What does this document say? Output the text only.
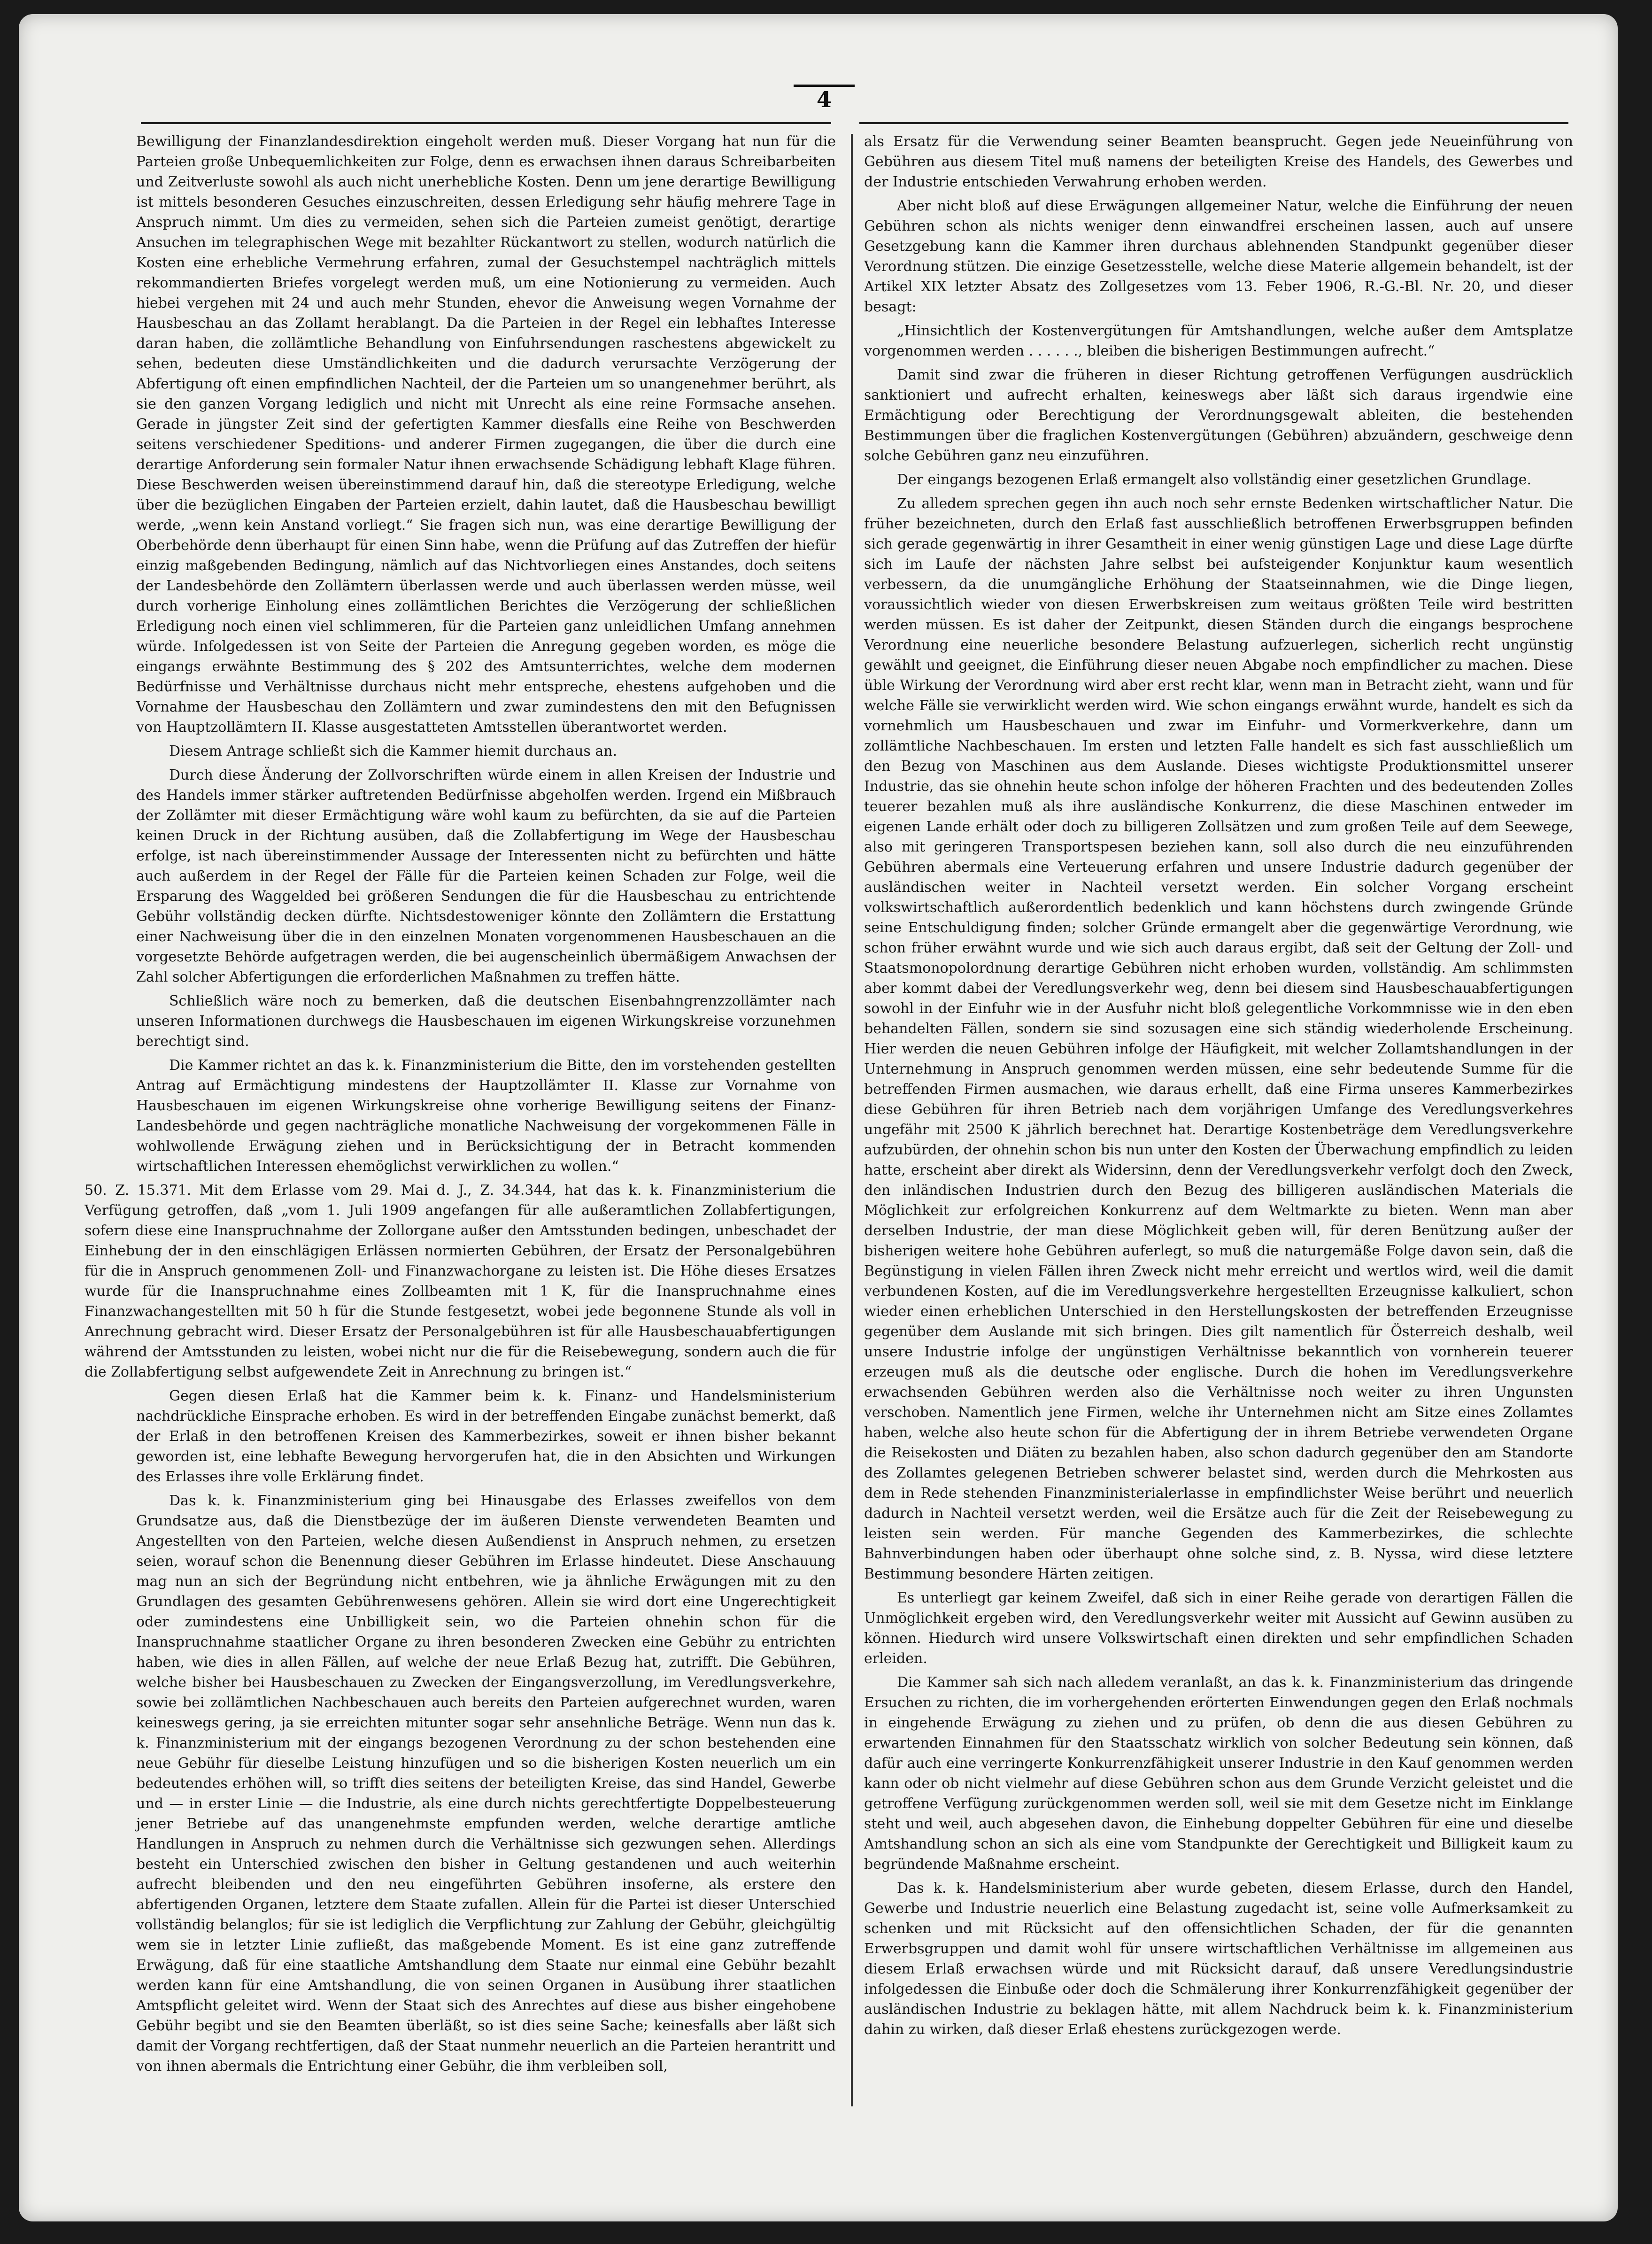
4

Bewilligung der Finanzlandesdirektion eingeholt werden muß. Dieser Vorgang hat nun für die Parteien große Unbequemlichkeiten zur Folge, denn es erwachsen ihnen daraus Schreibarbeiten und Zeitverluste sowohl als auch nicht unerhebliche Kosten. Denn um jene derartige Bewilligung ist mittels besonderen Gesuches einzuschreiten, dessen Erledigung sehr häufig mehrere Tage in Anspruch nimmt. Um dies zu vermeiden, sehen sich die Parteien zumeist genötigt, derartige Ansuchen im telegraphischen Wege mit bezahlter Rückantwort zu stellen, wodurch natürlich die Kosten eine erhebliche Vermehrung erfahren, zumal der Gesuchstempel nachträglich mittels rekommandierten Briefes vorgelegt werden muß, um eine Notionierung zu vermeiden. Auch hiebei vergehen mit 24 und auch mehr Stunden, ehevor die Anweisung wegen Vornahme der Hausbeschau an das Zollamt herablangt. Da die Parteien in der Regel ein lebhaftes Interesse daran haben, die zollämtliche Behandlung von Einfuhrsendungen raschestens abgewickelt zu sehen, bedeuten diese Umständlichkeiten und die dadurch verursachte Verzögerung der Abfertigung oft einen empfindlichen Nachteil, der die Parteien um so unangenehmer berührt, als sie den ganzen Vorgang lediglich und nicht mit Unrecht als eine reine Formsache ansehen. Gerade in jüngster Zeit sind der gefertigten Kammer diesfalls eine Reihe von Beschwerden seitens verschiedener Speditions- und anderer Firmen zugegangen, die über die durch eine derartige Anforderung sein formaler Natur ihnen erwachsende Schädigung lebhaft Klage führen. Diese Beschwerden weisen übereinstimmend darauf hin, daß die stereotype Erledigung, welche über die bezüglichen Eingaben der Parteien erzielt, dahin lautet, daß die Hausbeschau bewilligt werde, „wenn kein Anstand vorliegt.“ Sie fragen sich nun, was eine derartige Bewilligung der Oberbehörde denn überhaupt für einen Sinn habe, wenn die Prüfung auf das Zutreffen der hiefür einzig maßgebenden Bedingung, nämlich auf das Nichtvorliegen eines Anstandes, doch seitens der Landesbehörde den Zollämtern überlassen werde und auch überlassen werden müsse, weil durch vorherige Einholung eines zollämtlichen Berichtes die Verzögerung der schließlichen Erledigung noch einen viel schlimmeren, für die Parteien ganz unleidlichen Umfang annehmen würde. Infolgedessen ist von Seite der Parteien die Anregung gegeben worden, es möge die eingangs erwähnte Bestimmung des § 202 des Amtsunterrichtes, welche dem modernen Bedürfnisse und Verhältnisse durchaus nicht mehr entspreche, ehestens aufgehoben und die Vornahme der Hausbeschau den Zollämtern und zwar zumindestens den mit den Befugnissen von Hauptzollämtern II. Klasse ausgestatteten Amtsstellen überantwortet werden.

Diesem Antrage schließt sich die Kammer hiemit durchaus an.

Durch diese Änderung der Zollvorschriften würde einem in allen Kreisen der Industrie und des Handels immer stärker auftretenden Bedürfnisse abgeholfen werden. Irgend ein Mißbrauch der Zollämter mit dieser Ermächtigung wäre wohl kaum zu befürchten, da sie auf die Parteien keinen Druck in der Richtung ausüben, daß die Zollabfertigung im Wege der Hausbeschau erfolge, ist nach übereinstimmender Aussage der Interessenten nicht zu befürchten und hätte auch außerdem in der Regel der Fälle für die Parteien keinen Schaden zur Folge, weil die Ersparung des Waggelded bei größeren Sendungen die für die Hausbeschau zu entrichtende Gebühr vollständig decken dürfte. Nichtsdestoweniger könnte den Zollämtern die Erstattung einer Nachweisung über die in den einzelnen Monaten vorgenommenen Hausbeschauen an die vorgesetzte Behörde aufgetragen werden, die bei augenscheinlich übermäßigem Anwachsen der Zahl solcher Abfertigungen die erforderlichen Maßnahmen zu treffen hätte.

Schließlich wäre noch zu bemerken, daß die deutschen Eisenbahngrenzzollämter nach unseren Informationen durchwegs die Hausbeschauen im eigenen Wirkungskreise vorzunehmen berechtigt sind.

Die Kammer richtet an das k. k. Finanzministerium die Bitte, den im vorstehenden gestellten Antrag auf Ermächtigung mindestens der Hauptzollämter II. Klasse zur Vornahme von Hausbeschauen im eigenen Wirkungskreise ohne vorherige Bewilligung seitens der Finanz-Landesbehörde und gegen nachträgliche monatliche Nachweisung der vorgekommenen Fälle in wohlwollende Erwägung ziehen und in Berücksichtigung der in Betracht kommenden wirtschaftlichen Interessen ehemöglichst verwirklichen zu wollen.“

50. Z. 15.371. Mit dem Erlasse vom 29. Mai d. J., Z. 34.344, hat das k. k. Finanzministerium die Verfügung getroffen, daß „vom 1. Juli 1909 angefangen für alle außeramtlichen Zollabfertigungen, sofern diese eine Inanspruchnahme der Zollorgane außer den Amtsstunden bedingen, unbeschadet der Einhebung der in den einschlägigen Erlässen normierten Gebühren, der Ersatz der Personalgebühren für die in Anspruch genommenen Zoll- und Finanzwachorgane zu leisten ist. Die Höhe dieses Ersatzes wurde für die Inanspruchnahme eines Zollbeamten mit 1 K, für die Inanspruchnahme eines Finanzwachangestellten mit 50 h für die Stunde festgesetzt, wobei jede begonnene Stunde als voll in Anrechnung gebracht wird. Dieser Ersatz der Personalgebühren ist für alle Hausbeschauabfertigungen während der Amtsstunden zu leisten, wobei nicht nur die für die Reisebewegung, sondern auch die für die Zollabfertigung selbst aufgewendete Zeit in Anrechnung zu bringen ist.“

Gegen diesen Erlaß hat die Kammer beim k. k. Finanz- und Handelsministerium nachdrückliche Einsprache erhoben. Es wird in der betreffenden Eingabe zunächst bemerkt, daß der Erlaß in den betroffenen Kreisen des Kammerbezirkes, soweit er ihnen bisher bekannt geworden ist, eine lebhafte Bewegung hervorgerufen hat, die in den Absichten und Wirkungen des Erlasses ihre volle Erklärung findet.

Das k. k. Finanzministerium ging bei Hinausgabe des Erlasses zweifellos von dem Grundsatze aus, daß die Dienstbezüge der im äußeren Dienste verwendeten Beamten und Angestellten von den Parteien, welche diesen Außendienst in Anspruch nehmen, zu ersetzen seien, worauf schon die Benennung dieser Gebühren im Erlasse hindeutet. Diese Anschauung mag nun an sich der Begründung nicht entbehren, wie ja ähnliche Erwägungen mit zu den Grundlagen des gesamten Gebührenwesens gehören. Allein sie wird dort eine Ungerechtigkeit oder zumindestens eine Unbilligkeit sein, wo die Parteien ohnehin schon für die Inanspruchnahme staatlicher Organe zu ihren besonderen Zwecken eine Gebühr zu entrichten haben, wie dies in allen Fällen, auf welche der neue Erlaß Bezug hat, zutrifft. Die Gebühren, welche bisher bei Hausbeschauen zu Zwecken der Eingangsverzollung, im Veredlungsverkehre, sowie bei zollämtlichen Nachbeschauen auch bereits den Parteien aufgerechnet wurden, waren keineswegs gering, ja sie erreichten mitunter sogar sehr ansehnliche Beträge. Wenn nun das k. k. Finanzministerium mit der eingangs bezogenen Verordnung zu der schon bestehenden eine neue Gebühr für dieselbe Leistung hinzufügen und so die bisherigen Kosten neuerlich um ein bedeutendes erhöhen will, so trifft dies seitens der beteiligten Kreise, das sind Handel, Gewerbe und — in erster Linie — die Industrie, als eine durch nichts gerechtfertigte Doppelbesteuerung jener Betriebe auf das unangenehmste empfunden werden, welche derartige amtliche Handlungen in Anspruch zu nehmen durch die Verhältnisse sich gezwungen sehen. Allerdings besteht ein Unterschied zwischen den bisher in Geltung gestandenen und auch weiterhin aufrecht bleibenden und den neu eingeführten Gebühren insoferne, als erstere den abfertigenden Organen, letztere dem Staate zufallen. Allein für die Partei ist dieser Unterschied vollständig belanglos; für sie ist lediglich die Verpflichtung zur Zahlung der Gebühr, gleichgültig wem sie in letzter Linie zufließt, das maßgebende Moment. Es ist eine ganz zutreffende Erwägung, daß für eine staatliche Amtshandlung dem Staate nur einmal eine Gebühr bezahlt werden kann für eine Amtshandlung, die von seinen Organen in Ausübung ihrer staatlichen Amtspflicht geleitet wird. Wenn der Staat sich des Anrechtes auf diese aus bisher eingehobene Gebühr begibt und sie den Beamten überläßt, so ist dies seine Sache; keinesfalls aber läßt sich damit der Vorgang rechtfertigen, daß der Staat nunmehr neuerlich an die Parteien herantritt und von ihnen abermals die Entrichtung einer Gebühr, die ihm verbleiben soll,

als Ersatz für die Verwendung seiner Beamten beansprucht. Gegen jede Neueinführung von Gebühren aus diesem Titel muß namens der beteiligten Kreise des Handels, des Gewerbes und der Industrie entschieden Verwahrung erhoben werden.

Aber nicht bloß auf diese Erwägungen allgemeiner Natur, welche die Einführung der neuen Gebühren schon als nichts weniger denn einwandfrei erscheinen lassen, auch auf unsere Gesetzgebung kann die Kammer ihren durchaus ablehnenden Standpunkt gegenüber dieser Verordnung stützen. Die einzige Gesetzesstelle, welche diese Materie allgemein behandelt, ist der Artikel XIX letzter Absatz des Zollgesetzes vom 13. Feber 1906, R.-G.-Bl. Nr. 20, und dieser besagt:

„Hinsichtlich der Kostenvergütungen für Amtshandlungen, welche außer dem Amtsplatze vorgenommen werden . . . . . ., bleiben die bisherigen Bestimmungen aufrecht.“

Damit sind zwar die früheren in dieser Richtung getroffenen Verfügungen ausdrücklich sanktioniert und aufrecht erhalten, keineswegs aber läßt sich daraus irgendwie eine Ermächtigung oder Berechtigung der Verordnungsgewalt ableiten, die bestehenden Bestimmungen über die fraglichen Kostenvergütungen (Gebühren) abzuändern, geschweige denn solche Gebühren ganz neu einzuführen.

Der eingangs bezogenen Erlaß ermangelt also vollständig einer gesetzlichen Grundlage.

Zu alledem sprechen gegen ihn auch noch sehr ernste Bedenken wirtschaftlicher Natur. Die früher bezeichneten, durch den Erlaß fast ausschließlich betroffenen Erwerbsgruppen befinden sich gerade gegenwärtig in ihrer Gesamtheit in einer wenig günstigen Lage und diese Lage dürfte sich im Laufe der nächsten Jahre selbst bei aufsteigender Konjunktur kaum wesentlich verbessern, da die unumgängliche Erhöhung der Staatseinnahmen, wie die Dinge liegen, voraussichtlich wieder von diesen Erwerbskreisen zum weitaus größten Teile wird bestritten werden müssen. Es ist daher der Zeitpunkt, diesen Ständen durch die eingangs besprochene Verordnung eine neuerliche besondere Belastung aufzuerlegen, sicherlich recht ungünstig gewählt und geeignet, die Einführung dieser neuen Abgabe noch empfindlicher zu machen. Diese üble Wirkung der Verordnung wird aber erst recht klar, wenn man in Betracht zieht, wann und für welche Fälle sie verwirklicht werden wird. Wie schon eingangs erwähnt wurde, handelt es sich da vornehmlich um Hausbeschauen und zwar im Einfuhr- und Vormerkverkehre, dann um zollämtliche Nachbeschauen. Im ersten und letzten Falle handelt es sich fast ausschließlich um den Bezug von Maschinen aus dem Auslande. Dieses wichtigste Produktionsmittel unserer Industrie, das sie ohnehin heute schon infolge der höheren Frachten und des bedeutenden Zolles teuerer bezahlen muß als ihre ausländische Konkurrenz, die diese Maschinen entweder im eigenen Lande erhält oder doch zu billigeren Zollsätzen und zum großen Teile auf dem Seewege, also mit geringeren Transportspesen beziehen kann, soll also durch die neu einzuführenden Gebühren abermals eine Verteuerung erfahren und unsere Industrie dadurch gegenüber der ausländischen weiter in Nachteil versetzt werden. Ein solcher Vorgang erscheint volkswirtschaftlich außerordentlich bedenklich und kann höchstens durch zwingende Gründe seine Entschuldigung finden; solcher Gründe ermangelt aber die gegenwärtige Verordnung, wie schon früher erwähnt wurde und wie sich auch daraus ergibt, daß seit der Geltung der Zoll- und Staatsmonopolordnung derartige Gebühren nicht erhoben wurden, vollständig. Am schlimmsten aber kommt dabei der Veredlungsverkehr weg, denn bei diesem sind Hausbeschauabfertigungen sowohl in der Einfuhr wie in der Ausfuhr nicht bloß gelegentliche Vorkommnisse wie in den eben behandelten Fällen, sondern sie sind sozusagen eine sich ständig wiederholende Erscheinung. Hier werden die neuen Gebühren infolge der Häufigkeit, mit welcher Zollamtshandlungen in der Unternehmung in Anspruch genommen werden müssen, eine sehr bedeutende Summe für die betreffenden Firmen ausmachen, wie daraus erhellt, daß eine Firma unseres Kammerbezirkes diese Gebühren für ihren Betrieb nach dem vorjährigen Umfange des Veredlungsverkehres ungefähr mit 2500 K jährlich berechnet hat. Derartige Kostenbeträge dem Veredlungsverkehre aufzubürden, der ohnehin schon bis nun unter den Kosten der Überwachung empfindlich zu leiden hatte, erscheint aber direkt als Widersinn, denn der Veredlungsverkehr verfolgt doch den Zweck, den inländischen Industrien durch den Bezug des billigeren ausländischen Materials die Möglichkeit zur erfolgreichen Konkurrenz auf dem Weltmarkte zu bieten. Wenn man aber derselben Industrie, der man diese Möglichkeit geben will, für deren Benützung außer der bisherigen weitere hohe Gebühren auferlegt, so muß die naturgemäße Folge davon sein, daß die Begünstigung in vielen Fällen ihren Zweck nicht mehr erreicht und wertlos wird, weil die damit verbundenen Kosten, auf die im Veredlungsverkehre hergestellten Erzeugnisse kalkuliert, schon wieder einen erheblichen Unterschied in den Herstellungskosten der betreffenden Erzeugnisse gegenüber dem Auslande mit sich bringen. Dies gilt namentlich für Österreich deshalb, weil unsere Industrie infolge der ungünstigen Verhältnisse bekanntlich von vornherein teuerer erzeugen muß als die deutsche oder englische. Durch die hohen im Veredlungsverkehre erwachsenden Gebühren werden also die Verhältnisse noch weiter zu ihren Ungunsten verschoben. Namentlich jene Firmen, welche ihr Unternehmen nicht am Sitze eines Zollamtes haben, welche also heute schon für die Abfertigung der in ihrem Betriebe verwendeten Organe die Reisekosten und Diäten zu bezahlen haben, also schon dadurch gegenüber den am Standorte des Zollamtes gelegenen Betrieben schwerer belastet sind, werden durch die Mehrkosten aus dem in Rede stehenden Finanzministerialerlasse in empfindlichster Weise berührt und neuerlich dadurch in Nachteil versetzt werden, weil die Ersätze auch für die Zeit der Reisebewegung zu leisten sein werden. Für manche Gegenden des Kammerbezirkes, die schlechte Bahnverbindungen haben oder überhaupt ohne solche sind, z. B. Nyssa, wird diese letztere Bestimmung besondere Härten zeitigen.

Es unterliegt gar keinem Zweifel, daß sich in einer Reihe gerade von derartigen Fällen die Unmöglichkeit ergeben wird, den Veredlungsverkehr weiter mit Aussicht auf Gewinn ausüben zu können. Hiedurch wird unsere Volkswirtschaft einen direkten und sehr empfindlichen Schaden erleiden.

Die Kammer sah sich nach alledem veranlaßt, an das k. k. Finanzministerium das dringende Ersuchen zu richten, die im vorhergehenden erörterten Einwendungen gegen den Erlaß nochmals in eingehende Erwägung zu ziehen und zu prüfen, ob denn die aus diesen Gebühren zu erwartenden Einnahmen für den Staatsschatz wirklich von solcher Bedeutung sein können, daß dafür auch eine verringerte Konkurrenzfähigkeit unserer Industrie in den Kauf genommen werden kann oder ob nicht vielmehr auf diese Gebühren schon aus dem Grunde Verzicht geleistet und die getroffene Verfügung zurückgenommen werden soll, weil sie mit dem Gesetze nicht im Einklange steht und weil, auch abgesehen davon, die Einhebung doppelter Gebühren für eine und dieselbe Amtshandlung schon an sich als eine vom Standpunkte der Gerechtigkeit und Billigkeit kaum zu begründende Maßnahme erscheint.

Das k. k. Handelsministerium aber wurde gebeten, diesem Erlasse, durch den Handel, Gewerbe und Industrie neuerlich eine Belastung zugedacht ist, seine volle Aufmerksamkeit zu schenken und mit Rücksicht auf den offensichtlichen Schaden, der für die genannten Erwerbsgruppen und damit wohl für unsere wirtschaftlichen Verhältnisse im allgemeinen aus diesem Erlaß erwachsen würde und mit Rücksicht darauf, daß unsere Veredlungsindustrie infolgedessen die Einbuße oder doch die Schmälerung ihrer Konkurrenzfähigkeit gegenüber der ausländischen Industrie zu beklagen hätte, mit allem Nachdruck beim k. k. Finanzministerium dahin zu wirken, daß dieser Erlaß ehestens zurückgezogen werde.
